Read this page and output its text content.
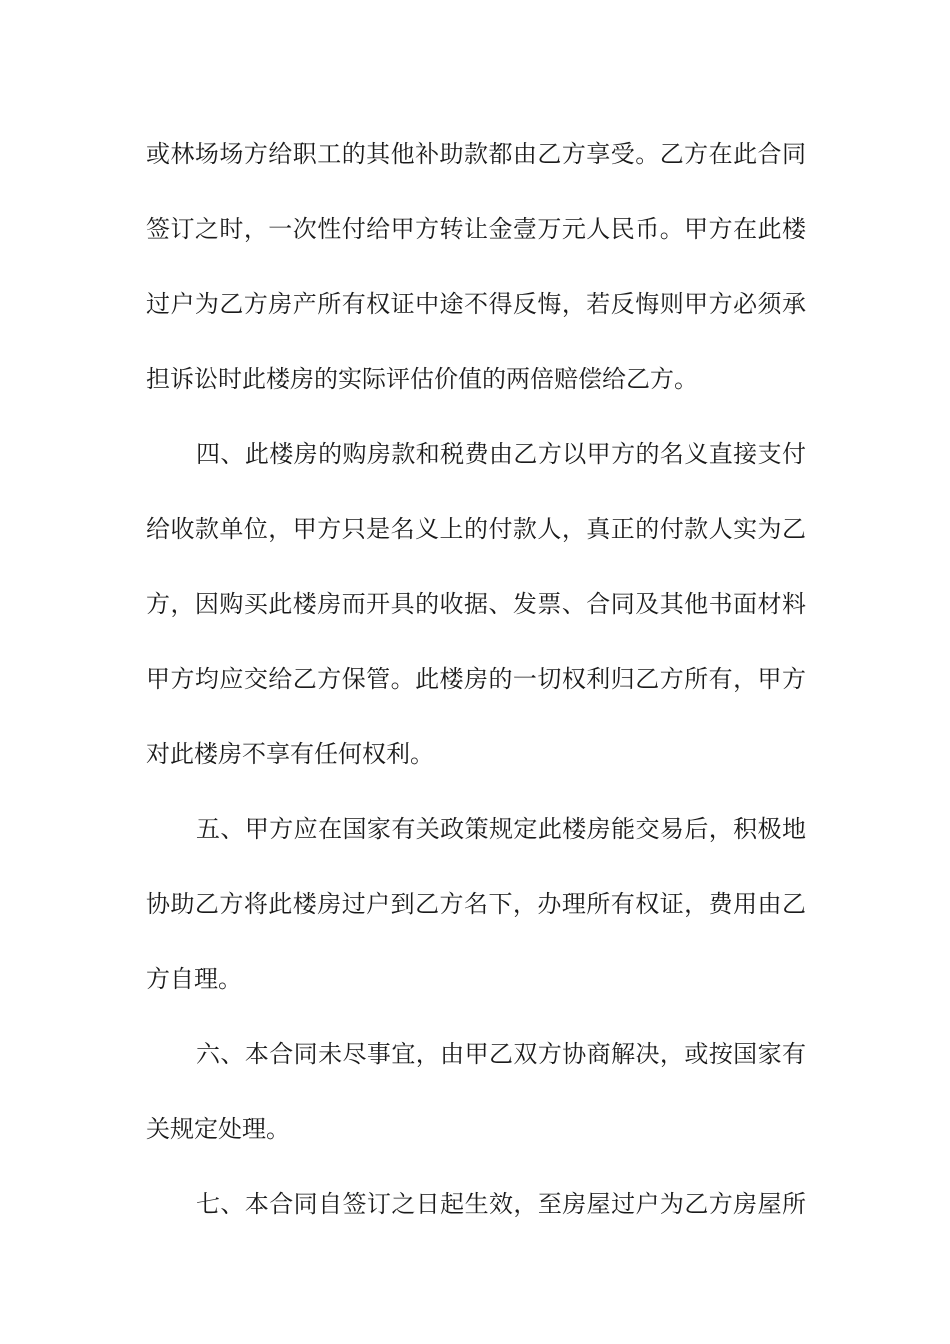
或林场场方给职工的其他补助款都由乙方享受。乙方在此合同
签订之时，一次性付给甲方转让金壹万元人民币。甲方在此楼
过户为乙方房产所有权证中途不得反悔，若反悔则甲方必须承
担诉讼时此楼房的实际评估价值的两倍赔偿给乙方。
四、此楼房的购房款和税费由乙方以甲方的名义直接支付
给收款单位，甲方只是名义上的付款人，真正的付款人实为乙
方，因购买此楼房而开具的收据、发票、合同及其他书面材料
甲方均应交给乙方保管。此楼房的一切权利归乙方所有，甲方
对此楼房不享有任何权利。
五、甲方应在国家有关政策规定此楼房能交易后，积极地
协助乙方将此楼房过户到乙方名下，办理所有权证，费用由乙
方自理。
六、本合同未尽事宜，由甲乙双方协商解决，或按国家有
关规定处理。
七、本合同自签订之日起生效，至房屋过户为乙方房屋所
